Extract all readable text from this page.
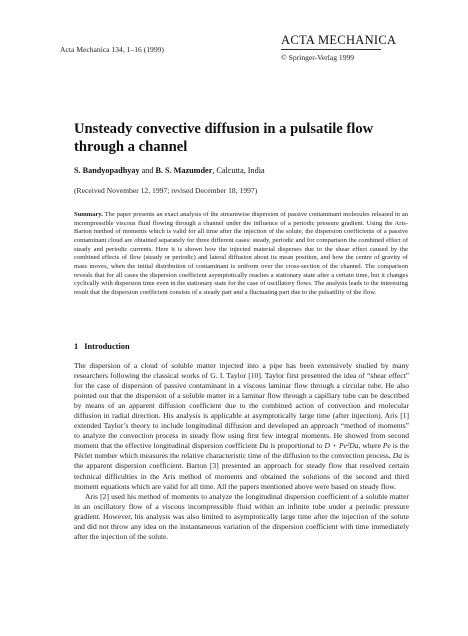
Acta Mechanica 134, 1–16 (1999)
ACTA MECHANICA
© Springer-Verlag 1999
Unsteady convective diffusion in a pulsatile flow through a channel
S. Bandyopadhyay and B. S. Mazumder, Calcutta, India
(Received November 12, 1997; revised December 18, 1997)
Summary. The paper presents an exact analysis of the streamwise dispersion of passive contaminant molecules released in an incompressible viscous fluid flowing through a channel under the influence of a periodic pressure gradient. Using the Aris-Barton method of moments which is valid for all time after the injection of the solute, the dispersion coefficients of a passive contaminant cloud are obtained separately for three different cases: steady, periodic and for comparison the combined effect of steady and periodic currents. Here it is shown how the injected material disperses due to the shear effect caused by the combined effects of flow (steady or periodic) and lateral diffusion about its mean position, and how the centre of gravity of mass moves, when the initial distribution of contaminant is uniform over the cross-section of the channel. The comparison reveals that for all cases the dispersion coefficient asymptotically reaches a stationary state after a certain time, but it changes cyclically with dispersion time even in the stationary state for the case of oscillatory flows. The analysis leads to the interesting result that the dispersion coefficient consists of a steady part and a fluctuating part due to the pulsatility of the flow.
1 Introduction

The dispersion of a cloud of soluble matter injected into a pipe has been extensively studied by many researchers following the classical works of G. I. Taylor [10]. Taylor first presented the idea of “shear effect” for the case of dispersion of passive contaminant in a viscous laminar flow through a circular tube. He also pointed out that the dispersion of a soluble matter in a laminar flow through a capillary tube can be described by means of an apparent diffusion coefficient due to the combined action of convection and molecular diffusion in radial direction. His analysis is applicable at asymptotically large time (after injection). Aris [1] extended Taylor’s theory to include longitudinal diffusion and developed an approach “method of moments” to analyze the convection process in steady flow using first few integral moments. He showed from second moment that the effective longitudinal dispersion coefficient Da is proportional to D + Pe²Da, where Pe is the Péclet number which measures the relative characteristic time of the diffusion to the convection process, Da is the apparent dispersion coefficient. Barton [3] presented an approach for steady flow that resolved certain technical difficulties in the Aris method of moments and obtained the solutions of the second and third moment equations which are valid for all time. All the papers mentioned above were based on steady flow.

Aris [2] used his method of moments to analyze the longitudinal dispersion coefficient of a soluble matter in an oscillatory flow of a viscous incompressible fluid within an infinite tube under a periodic pressure gradient. However, his analysis was also limited to asymptotically large time after the injection of the solute and did not throw any idea on the instantaneous variation of the dispersion coefficient with time immediately after the injection of the solute.
